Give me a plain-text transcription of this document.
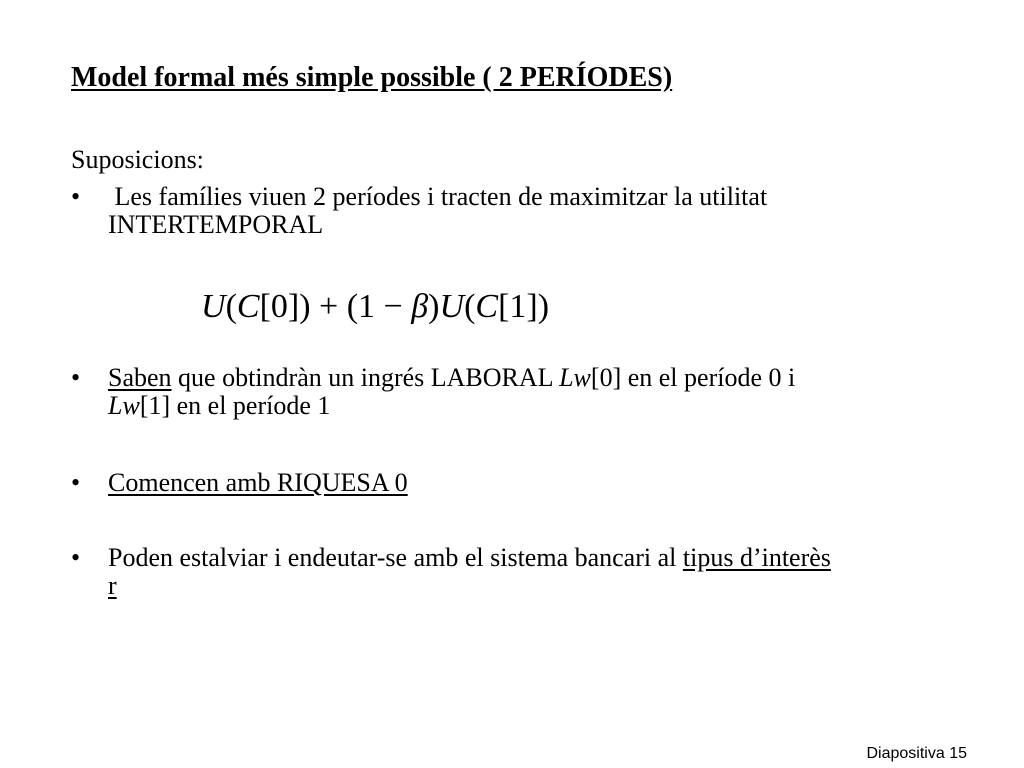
Model formal més simple possible ( 2 PERÍODES)

Suposicions:

• Les famílies viuen 2 períodes i tracten de maximitzar la utilitat
INTERTEMPORAL
U(C[0]) + (1 − β)U(C[1])
• Saben que obtindràn un ingrés LABORAL Lw[0] en el període 0 i
Lw[1] en el període 1
• Comencen amb RIQUESA 0
• Poden estalviar i endeutar-se amb el sistema bancari al tipus d’interès
r
Diapositiva 15
